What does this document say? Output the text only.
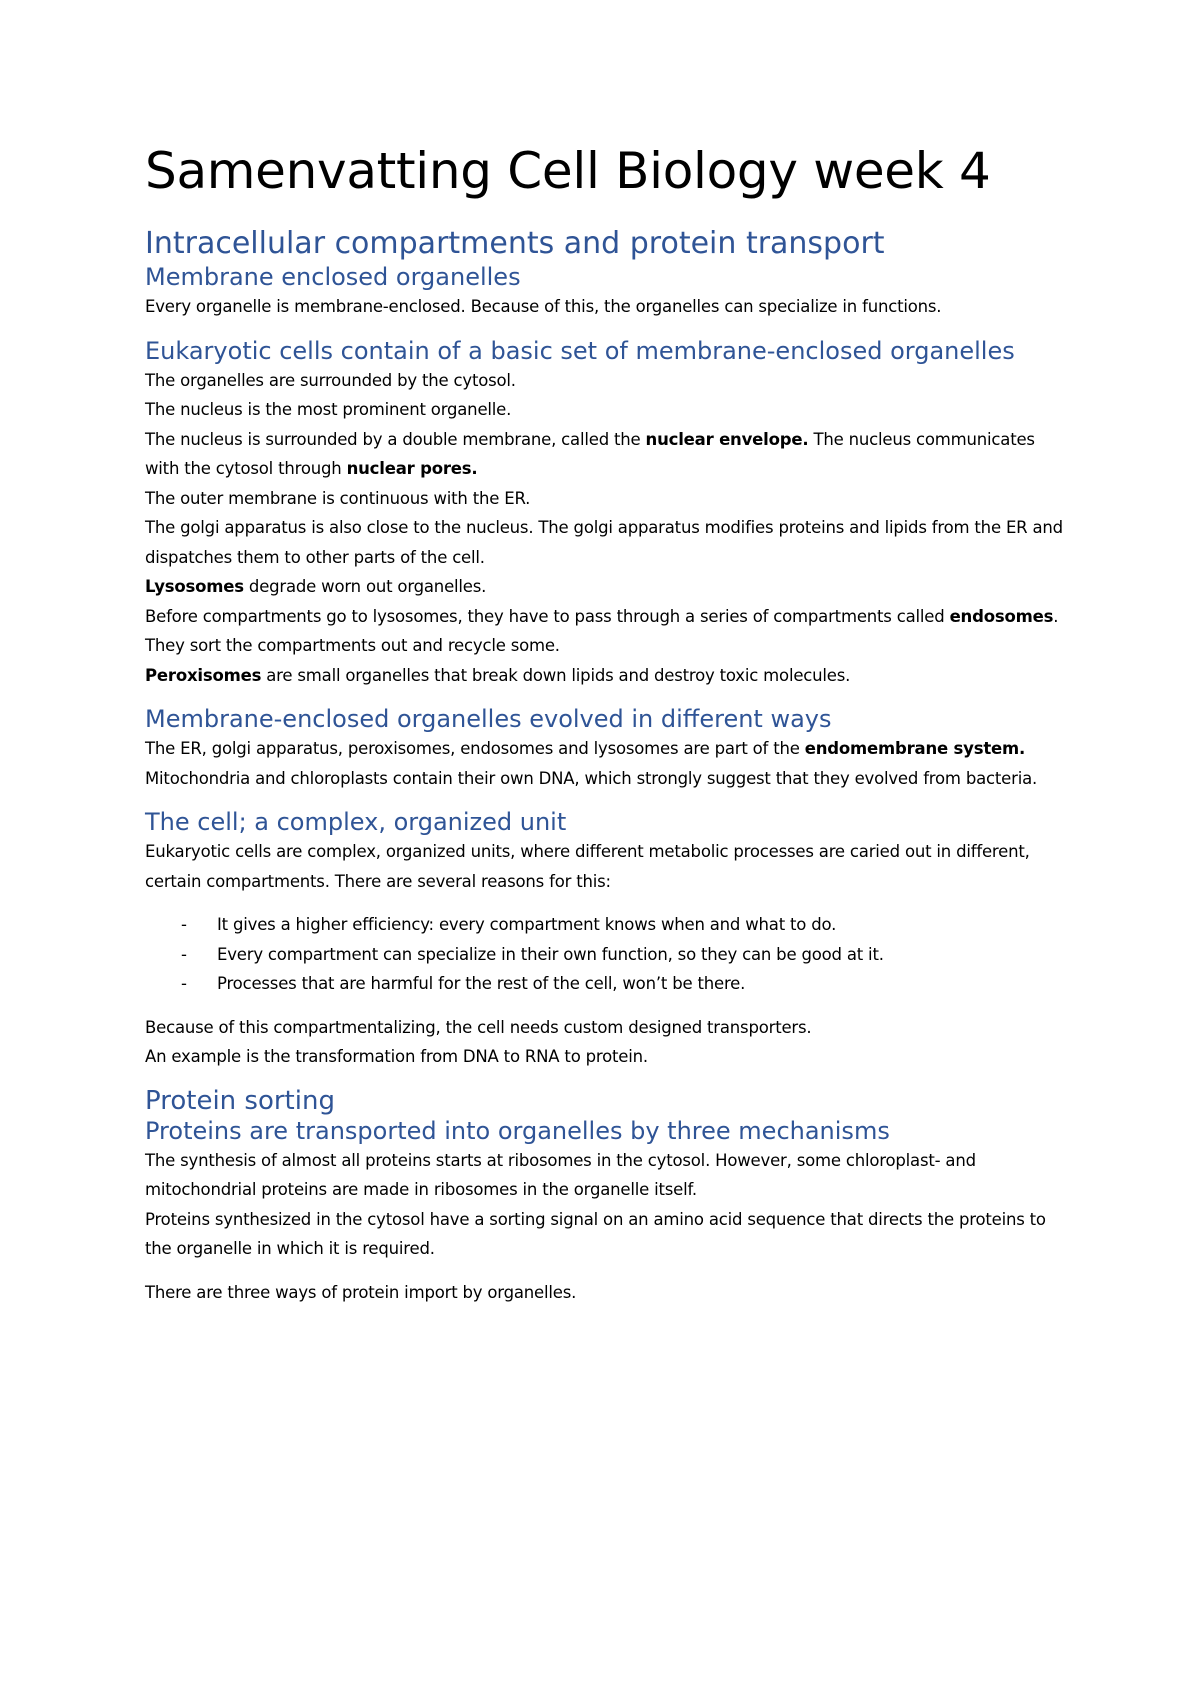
Samenvatting Cell Biology week 4
Intracellular compartments and protein transport
Membrane enclosed organelles

Every organelle is membrane-enclosed. Because of this, the organelles can specialize in functions.

Eukaryotic cells contain of a basic set of membrane-enclosed organelles

The organelles are surrounded by the cytosol.

The nucleus is the most prominent organelle.

The nucleus is surrounded by a double membrane, called the nuclear envelope. The nucleus communicates with the cytosol through nuclear pores.

The outer membrane is continuous with the ER.

The golgi apparatus is also close to the nucleus. The golgi apparatus modifies proteins and lipids from the ER and dispatches them to other parts of the cell.

Lysosomes degrade worn out organelles.

Before compartments go to lysosomes, they have to pass through a series of compartments called endosomes. They sort the compartments out and recycle some.

Peroxisomes are small organelles that break down lipids and destroy toxic molecules.

Membrane-enclosed organelles evolved in different ways

The ER, golgi apparatus, peroxisomes, endosomes and lysosomes are part of the endomembrane system.

Mitochondria and chloroplasts contain their own DNA, which strongly suggest that they evolved from bacteria.

The cell; a complex, organized unit

Eukaryotic cells are complex, organized units, where different metabolic processes are caried out in different, certain compartments. There are several reasons for this:

- It gives a higher efficiency: every compartment knows when and what to do.
- Every compartment can specialize in their own function, so they can be good at it.
- Processes that are harmful for the rest of the cell, won’t be there.

Because of this compartmentalizing, the cell needs custom designed transporters.

An example is the transformation from DNA to RNA to protein.

Protein sorting
Proteins are transported into organelles by three mechanisms

The synthesis of almost all proteins starts at ribosomes in the cytosol. However, some chloroplast- and mitochondrial proteins are made in ribosomes in the organelle itself.

Proteins synthesized in the cytosol have a sorting signal on an amino acid sequence that directs the proteins to the organelle in which it is required.

There are three ways of protein import by organelles.
